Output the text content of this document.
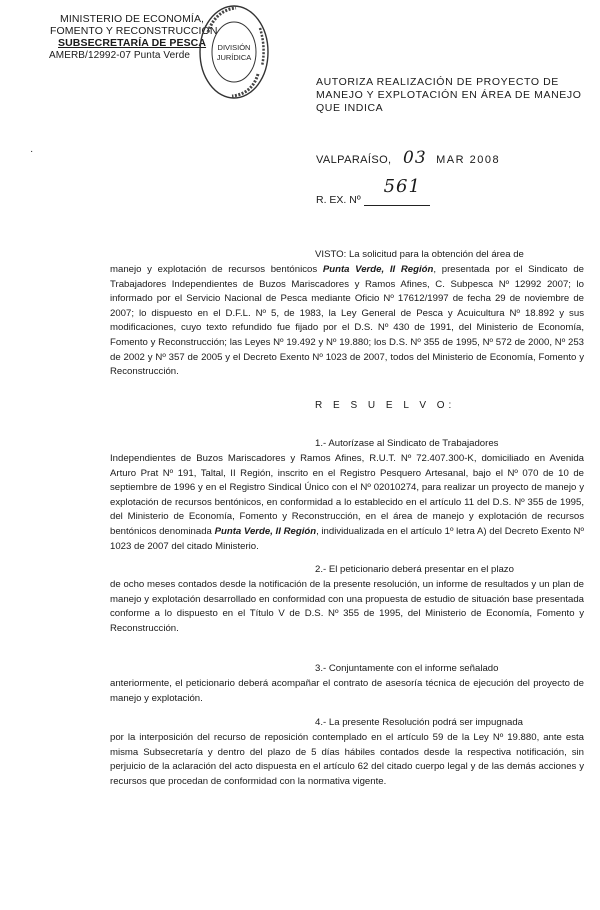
MINISTERIO DE ECONOMÍA,
FOMENTO Y RECONSTRUCCIÓN
SUBSECRETARÍA DE PESCA
AMERB/12992-07 Punta Verde
DIVISIÓN
JURÍDICA
AUTORIZA REALIZACIÓN DE PROYECTO DE MANEJO Y EXPLOTACIÓN EN ÁREA DE MANEJO QUE INDICA
VALPARAÍSO, 03 MAR 2008
R. EX. Nº
561
·
VISTO: La solicitud para la obtención del área de
manejo y explotación de recursos bentónicos Punta Verde, II Región, presentada por el Sindicato de Trabajadores Independientes de Buzos Mariscadores y Ramos Afines, C. Subpesca Nº 12992 2007; lo informado por el Servicio Nacional de Pesca mediante Oficio Nº 17612/1997 de fecha 29 de noviembre de 2007; lo dispuesto en el D.F.L. Nº 5, de 1983, la Ley General de Pesca y Acuicultura Nº 18.892 y sus modificaciones, cuyo texto refundido fue fijado por el D.S. Nº 430 de 1991, del Ministerio de Economía, Fomento y Reconstrucción; las Leyes Nº 19.492 y Nº 19.880; los D.S. Nº 355 de 1995, Nº 572 de 2000, Nº 253 de 2002 y Nº 357 de 2005 y el Decreto Exento Nº 1023 de 2007, todos del Ministerio de Economía, Fomento y Reconstrucción.
R E S U E L V O:
1.- Autorízase al Sindicato de Trabajadores
Independientes de Buzos Mariscadores y Ramos Afines, R.U.T. Nº 72.407.300-K, domiciliado en Avenida Arturo Prat Nº 191, Taltal, II Región, inscrito en el Registro Pesquero Artesanal, bajo el Nº 070 de 10 de septiembre de 1996 y en el Registro Sindical Único con el Nº 02010274, para realizar un proyecto de manejo y explotación de recursos bentónicos, en conformidad a lo establecido en el artículo 11 del D.S. Nº 355 de 1995, del Ministerio de Economía, Fomento y Reconstrucción, en el área de manejo y explotación de recursos bentónicos denominada Punta Verde, II Región, individualizada en el artículo 1º letra A) del Decreto Exento Nº 1023 de 2007 del citado Ministerio.
2.- El peticionario deberá presentar en el plazo
de ocho meses contados desde la notificación de la presente resolución, un informe de resultados y un plan de manejo y explotación desarrollado en conformidad con una propuesta de estudio de situación base presentada conforme a lo dispuesto en el Título V de D.S. Nº 355 de 1995, del Ministerio de Economía, Fomento y Reconstrucción.
3.- Conjuntamente con el informe señalado
anteriormente, el peticionario deberá acompañar el contrato de asesoría técnica de ejecución del proyecto de manejo y explotación.
4.- La presente Resolución podrá ser impugnada
por la interposición del recurso de reposición contemplado en el artículo 59 de la Ley Nº 19.880, ante esta misma Subsecretaría y dentro del plazo de 5 días hábiles contados desde la respectiva notificación, sin perjuicio de la aclaración del acto dispuesta en el artículo 62 del citado cuerpo legal y de las demás acciones y recursos que procedan de conformidad con la normativa vigente.
